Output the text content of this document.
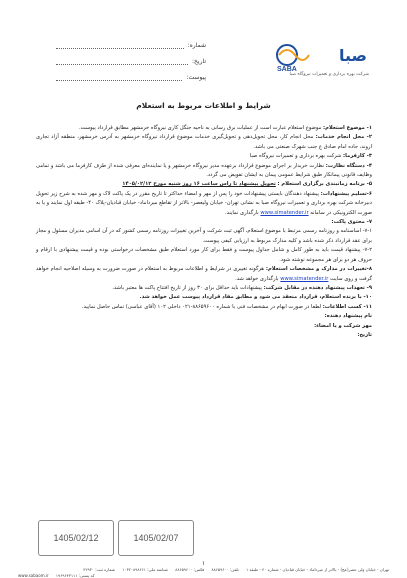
شماره:
تاریخ:
پیوست:
SABA
صبا
شرکت بهره برداری و تعمیرات نیروگاه صبا
شرایط و اطلاعات مربوط به استعلام

۱- موضوع استعلام: موضوع استعلام عبارت است از عملیات برق رسانی به ناحیه جنگل کاری نیروگاه خرمشهر مطابق قرارداد پیوست.

۲- محل انجام خدمات: محل انجام کار، محل تحویل‌دهی و تحویل‌گیری خدمات موضوع قرارداد نیروگاه خرمشهر به آدرس خرمشهر، منطقه آزاد تجاری اروند، جاده امام صادق ع جنب شهرک صنعتی می باشد.

۳- کارفرما: شرکت بهره برداری و تعمیرات نیروگاه صبا

۴- دستگاه نظارت: نظارت خریدار بر اجرای موضوع قرارداد برعهده مدیر نیروگاه خرمشهر و یا نماینده‌ای معرفی شده از طرف کارفرما می باشد و تمامی وظایف قانونی پیمانکار طبق شرایط عمومی پیمان به ایشان تفویض می گردد.

۵- برنامه زمانبندی برگزاری استعلام : تحویل پیشنهاد تا راس ساعت ۱۶ روز شنبه مورخ ۱۴۰۵/۰۲/۱۲

۶-تسلیم پیشنهادات: پیشنهاد دهندگان بایستی پیشنهادات خود را پس از مهر و امضاء حداکثر تا تاریخ مقرر در یک پاکت لاک و مهر شده به شرح زیر تحویل دبیرخانه شرکت بهره برداری و تعمیرات نیروگاه صبا به نشانی تهران- خیابان ولیعصر- بالاتر از تقاطع میرداماد- خیابان قبادیان-پلاک ۴۰- طبقه اول نمایند و یا به صورت الکترونیکی در سامانه www.simatender.ir بارگذاری نمایند.

۷- محتوی پاکت:

۷-۱- اساسنامه و روزنامه رسمی مرتبط با موضوع استعلام، آگهی ثبت شرکت و آخرین تغییرات روزنامه رسمی کشور که در آن اسامی مدیران مسئول و مجاز برای عقد قرارداد ذکر شده باشد و کلیه مدارک مربوط به ارزیابی کیفی پیوست.

۷-۲- پیشنهاد قیمت باید به طور کامل و شامل جداول پیوست و فقط برای کار مورد استعلام طبق مشخصات درخواستی بوده و قیمت پیشنهادی با ارقام و حروف هر دو برای هر مجموعه نوشته شود.

۸-تغییرات در مدارک و مشخصات استعلام: هرگونه تغییری در شرایط و اطلاعات مربوط به استعلام در صورت ضرورت به وسیله اصلاحیه انجام خواهد گرفت و روی سایت www.simatender.ir بارگذاری خواهد شد.

۹- تعهدات پیشنهاد دهنده در مقابل شرکت: پیشنهادات باید حداقل برای ۳۰ روز از تاریخ افتتاح پاکت ها معتبر باشد.

۱۰- با برنده استعلام، قرارداد منعقد می شود و مطابق مفاد قرارداد پیوست عمل خواهد شد.

۱۱- کسب اطلاعات: لطفا در صورت ابهام در مشخصات فنی با شماره ۸۸۶۵۹۶۰۰-۰۲۱ داخلی ۱۰۲ (آقای عباسی) تماس حاصل نمایید.

نام پیشنهاد دهنده:

مهر شرکت و یا امضاء:

تاریخ:

1405/02/12	1405/02/07
۱
تهران - خیابان ولی عصر(عج) - بالاتر از میرداماد - خیابان قبادیان - شماره ۴۰ - طبقه ۱ تلفن: ۸۸۶۵۹۶۰۰ فکس: ۸۸۶۵۹۶۰۰ شناسه ملی: ۱۰۳۲۰۸۹۸۶۶۱ شماره ثبت: ۴۲۹۳۰
www.sabaom.ir کد پستی: ۱۹۶۹۶۴۳۱۱۱
